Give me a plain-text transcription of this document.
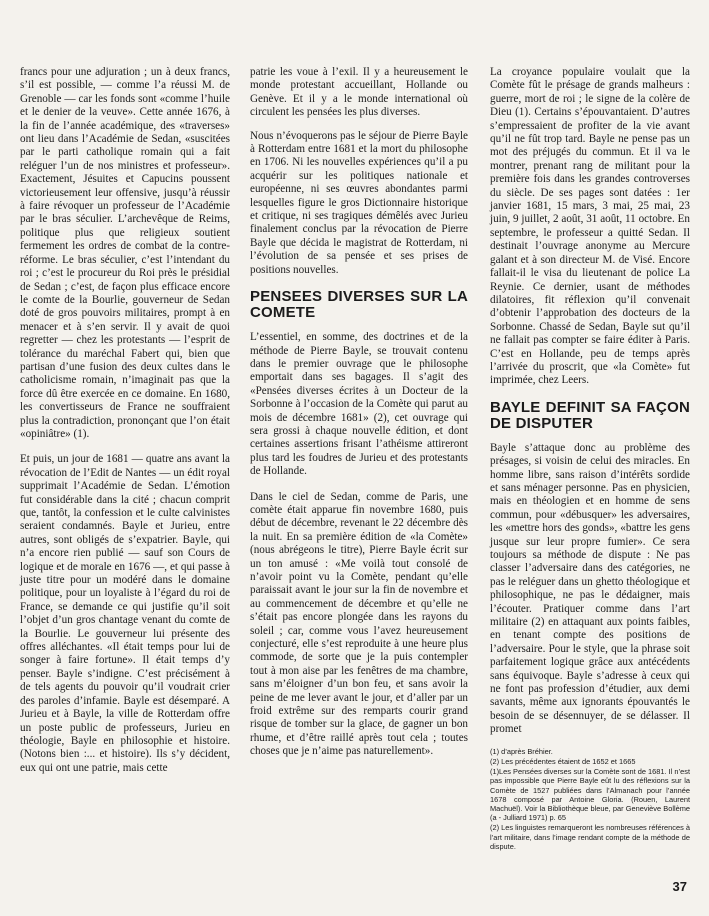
francs pour une adjuration ; un à deux francs, s’il est possible, — comme l’a réussi M. de Grenoble — car les fonds sont «comme l’huile et le denier de la veuve». Cette année 1676, à la fin de l’année académique, des «traverses» ont lieu dans l’Académie de Sedan, «suscitées par le parti catholique romain qui a fait reléguer l’un de nos ministres et professeur». Exactement, Jésuites et Capucins poussent victorieusement leur offensive, jusqu’à réussir à faire révoquer un professeur de l’Académie par le bras séculier. L’archevêque de Reims, politique plus que religieux soutient fermement les ordres de combat de la contre-réforme. Le bras séculier, c’est l’intendant du roi ; c’est le procureur du Roi près le présidial de Sedan ; c’est, de façon plus efficace encore le comte de la Bourlie, gouverneur de Sedan doté de gros pouvoirs militaires, prompt à en menacer et à s’en servir. Il y avait de quoi regretter — chez les protestants — l’esprit de tolérance du maréchal Fabert qui, bien que partisan d’une fusion des deux cultes dans le catholicisme romain, n’imaginait pas que la force dû être exercée en ce domaine. En 1680, les convertisseurs de France ne souffraient plus la contradiction, prononçant que l’on était «opiniâtre» (1).

Et puis, un jour de 1681 — quatre ans avant la révocation de l’Edit de Nantes — un édit royal supprimait l’Académie de Sedan. L’émotion fut considérable dans la cité ; chacun comprit que, tantôt, la confession et le culte calvinistes seraient condamnés. Bayle et Jurieu, entre autres, sont obligés de s’expatrier. Bayle, qui n’a encore rien publié — sauf son Cours de logique et de morale en 1676 —, et qui passe à juste titre pour un modéré dans le domaine politique, pour un loyaliste à l’égard du roi de France, se demande ce qui justifie qu’il soit l’objet d’un gros chantage venant du comte de la Bourlie. Le gouverneur lui présente des offres alléchantes. «Il était temps pour lui de songer à faire fortune». Il était temps d’y penser. Bayle s’indigne. C’est précisément à de tels agents du pouvoir qu’il voudrait crier des paroles d’infamie. Bayle est désemparé. A Jurieu et à Bayle, la ville de Rotterdam offre un poste public de professeurs, Jurieu en théologie, Bayle en philosophie et histoire. (Notons bien :... et histoire). Ils s’y décident, eux qui ont une patrie, mais cette

patrie les voue à l’exil. Il y a heureusement le monde protestant accueillant, Hollande ou Genève. Et il y a le monde international où circulent les pensées les plus diverses.

Nous n’évoquerons pas le séjour de Pierre Bayle à Rotterdam entre 1681 et la mort du philosophe en 1706. Ni les nouvelles expériences qu’il a pu acquérir sur les politiques nationale et européenne, ni ses œuvres abondantes parmi lesquelles figure le gros Dictionnaire historique et critique, ni ses tragiques démêlés avec Jurieu finalement conclus par la révocation de Pierre Bayle que décida le magistrat de Rotterdam, ni l’évolution de sa pensée et ses prises de positions nouvelles.

PENSEES DIVERSES SUR LA COMETE

L’essentiel, en somme, des doctrines et de la méthode de Pierre Bayle, se trouvait contenu dans le premier ouvrage que le philosophe emportait dans ses bagages. Il s’agit des «Pensées diverses écrites à un Docteur de la Sorbonne à l’occasion de la Comète qui parut au mois de décembre 1681» (2), cet ouvrage qui sera grossi à chaque nouvelle édition, et dont certaines assertions frisant l’athéisme attireront plus tard les foudres de Jurieu et des protestants de Hollande.

Dans le ciel de Sedan, comme de Paris, une comète était apparue fin novembre 1680, puis début de décembre, revenant le 22 décembre dès la nuit. En sa première édition de «la Comète» (nous abrégeons le titre), Pierre Bayle écrit sur un ton amusé : «Me voilà tout consolé de n’avoir point vu la Comète, pendant qu’elle paraissait avant le jour sur la fin de novembre et au commencement de décembre et qu’elle ne s’était pas encore plongée dans les rayons du soleil ; car, comme vous l’avez heureusement conjecturé, elle s’est reproduite à une heure plus commode, de sorte que je la puis contempler tout à mon aise par les fenêtres de ma chambre, sans m’éloigner d’un bon feu, et sans avoir la peine de me lever avant le jour, et d’aller par un froid extrême sur des remparts courir grand risque de tomber sur la glace, de gagner un bon rhume, et d’être raillé après tout cela ; toutes choses que je n’aime pas naturellement».

La croyance populaire voulait que la Comète fût le présage de grands malheurs : guerre, mort de roi ; le signe de la colère de Dieu (1). Certains s’épouvantaient. D’autres s’empressaient de profiter de la vie avant qu’il ne fût trop tard. Bayle ne pense pas un mot des préjugés du commun. Et il va le montrer, prenant rang de militant pour la première fois dans les grandes controverses du siècle. De ses pages sont datées : 1er janvier 1681, 15 mars, 3 mai, 25 mai, 23 juin, 9 juillet, 2 août, 31 août, 11 octobre. En septembre, le professeur a quitté Sedan. Il destinait l’ouvrage anonyme au Mercure galant et à son directeur M. de Visé. Encore fallait-il le visa du lieutenant de police La Reynie. Ce dernier, usant de méthodes dilatoires, fit réflexion qu’il convenait d’obtenir l’approbation des docteurs de la Sorbonne. Chassé de Sedan, Bayle sut qu’il ne fallait pas compter se faire éditer à Paris. C’est en Hollande, peu de temps après l’arrivée du proscrit, que «la Comète» fut imprimée, chez Leers.

BAYLE DEFINIT SA FAÇON DE DISPUTER

Bayle s’attaque donc au problème des présages, si voisin de celui des miracles. En homme libre, sans raison d’intérêts sordide et sans ménager personne. Pas en physicien, mais en théologien et en homme de sens commun, pour «débusquer» les adversaires, les «mettre hors des gonds», «battre les gens jusque sur leur propre fumier». Ce sera toujours sa méthode de dispute : Ne pas classer l’adversaire dans des catégories, ne pas le reléguer dans un ghetto théologique et philosophique, ne pas le dédaigner, mais l’écouter. Pratiquer comme dans l’art militaire (2) en attaquant aux points faibles, en tenant compte des positions de l’adversaire. Pour le style, que la phrase soit parfaitement logique grâce aux antécédents sans équivoque. Bayle s’adresse à ceux qui ne font pas profession d’étudier, aux demi savants, même aux ignorants épouvantés le besoin de se désennuyer, de se délasser. Il promet

(1) d’après Bréhier.
(2) Les précédentes étaient de 1652 et 1665
(1)Les Pensées diverses sur la Comète sont de 1681. Il n’est pas impossible que Pierre Bayle eût lu des réflexions sur la Comète de 1527 publiées dans l’Almanach pour l’année 1678 composé par Antoine Gloria. (Rouen, Laurent Machuël). Voir la Bibliothèque bleue, par Geneviève Bollème (a - Julliard 1971) p. 65
(2) Les linguistes remarqueront les nombreuses références à l’art militaire, dans l’image rendant compte de la méthode de dispute.
37
